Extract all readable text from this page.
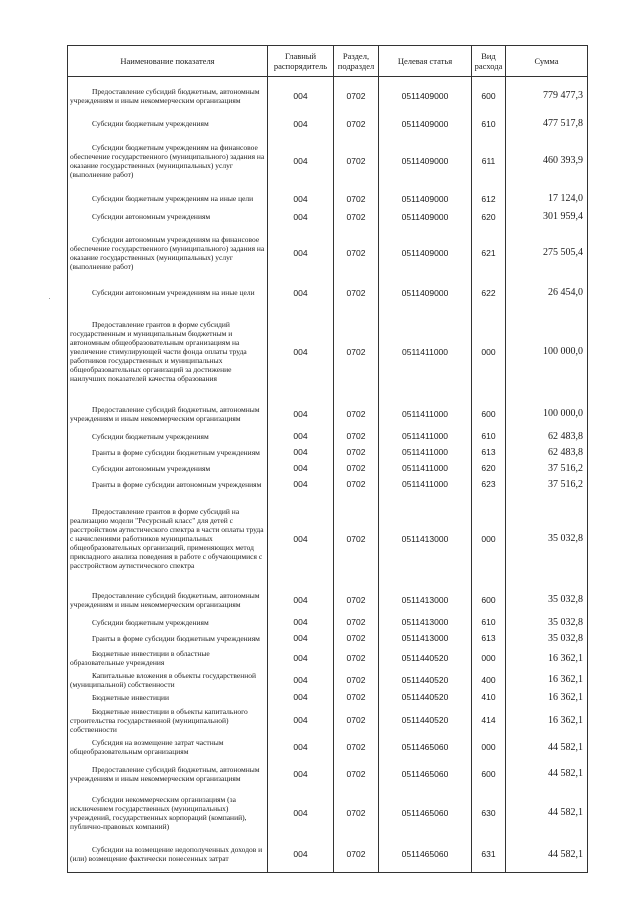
Наименование показателя	Главный распорядитель	Раздел, подраздел	Целевая статья	Вид расхода	Сумма

Предоставление субсидий бюджетным, автономным учреждениям и иным некоммерческим организациям	004	0702	0511409000	600	779 477,3

Субсидии бюджетным учреждениям	004	0702	0511409000	610	477 517,8

Субсидии бюджетным учреждениям на финансовое обеспечение государственного (муниципального) задания на оказание государственных (муниципальных) услуг (выполнение работ)	004	0702	0511409000	611	460 393,9

Субсидии бюджетным учреждениям на иные цели	004	0702	0511409000	612	17 124,0

Субсидии автономным учреждениям	004	0702	0511409000	620	301 959,4

Субсидии автономным учреждениям на финансовое обеспечение государственного (муниципального) задания на оказание государственных (муниципальных) услуг (выполнение работ)	004	0702	0511409000	621	275 505,4

Субсидии автономным учреждениям на иные цели	004	0702	0511409000	622	26 454,0

Предоставление грантов в форме субсидий государственным и муниципальным бюджетным и автономным общеобразовательным организациям на увеличение стимулирующей части фонда оплаты труда работников государственных и муниципальных общеобразовательных организаций за достижение наилучших показателей качества образования	004	0702	0511411000	000	100 000,0

Предоставление субсидий бюджетным, автономным учреждениям и иным некоммерческим организациям	004	0702	0511411000	600	100 000,0

Субсидии бюджетным учреждениям	004	0702	0511411000	610	62 483,8

Гранты в форме субсидии бюджетным учреждениям	004	0702	0511411000	613	62 483,8

Субсидии автономным учреждениям	004	0702	0511411000	620	37 516,2

Гранты в форме субсидии автономным учреждениям	004	0702	0511411000	623	37 516,2

Предоставление грантов в форме субсидий на реализацию модели "Ресурсный класс" для детей с расстройством аутистического спектра в части оплаты труда с начислениями работников муниципальных общеобразовательных организаций, применяющих метод прикладного анализа поведения в работе с обучающимися с расстройством аутистического спектра	004	0702	0511413000	000	35 032,8

Предоставление субсидий бюджетным, автономным учреждениям и иным некоммерческим организациям	004	0702	0511413000	600	35 032,8

Субсидии бюджетным учреждениям	004	0702	0511413000	610	35 032,8

Гранты в форме субсидии бюджетным учреждениям	004	0702	0511413000	613	35 032,8

Бюджетные инвестиции в областные образовательные учреждения	004	0702	0511440520	000	16 362,1

Капитальные вложения в объекты государственной (муниципальной) собственности	004	0702	0511440520	400	16 362,1

Бюджетные инвестиции	004	0702	0511440520	410	16 362,1

Бюджетные инвестиции в объекты капитального строительства государственной (муниципальной) собственности	004	0702	0511440520	414	16 362,1

Субсидия на возмещение затрат частным общеобразовательным организациям	004	0702	0511465060	000	44 582,1

Предоставление субсидий бюджетным, автономным учреждениям и иным некоммерческим организациям	004	0702	0511465060	600	44 582,1

Субсидии некоммерческим организациям (за исключением государственных (муниципальных) учреждений, государственных корпораций (компаний), публично-правовых компаний)	004	0702	0511465060	630	44 582,1

Субсидии на возмещение недополученных доходов и (или) возмещение фактически понесенных затрат	004	0702	0511465060	631	44 582,1
